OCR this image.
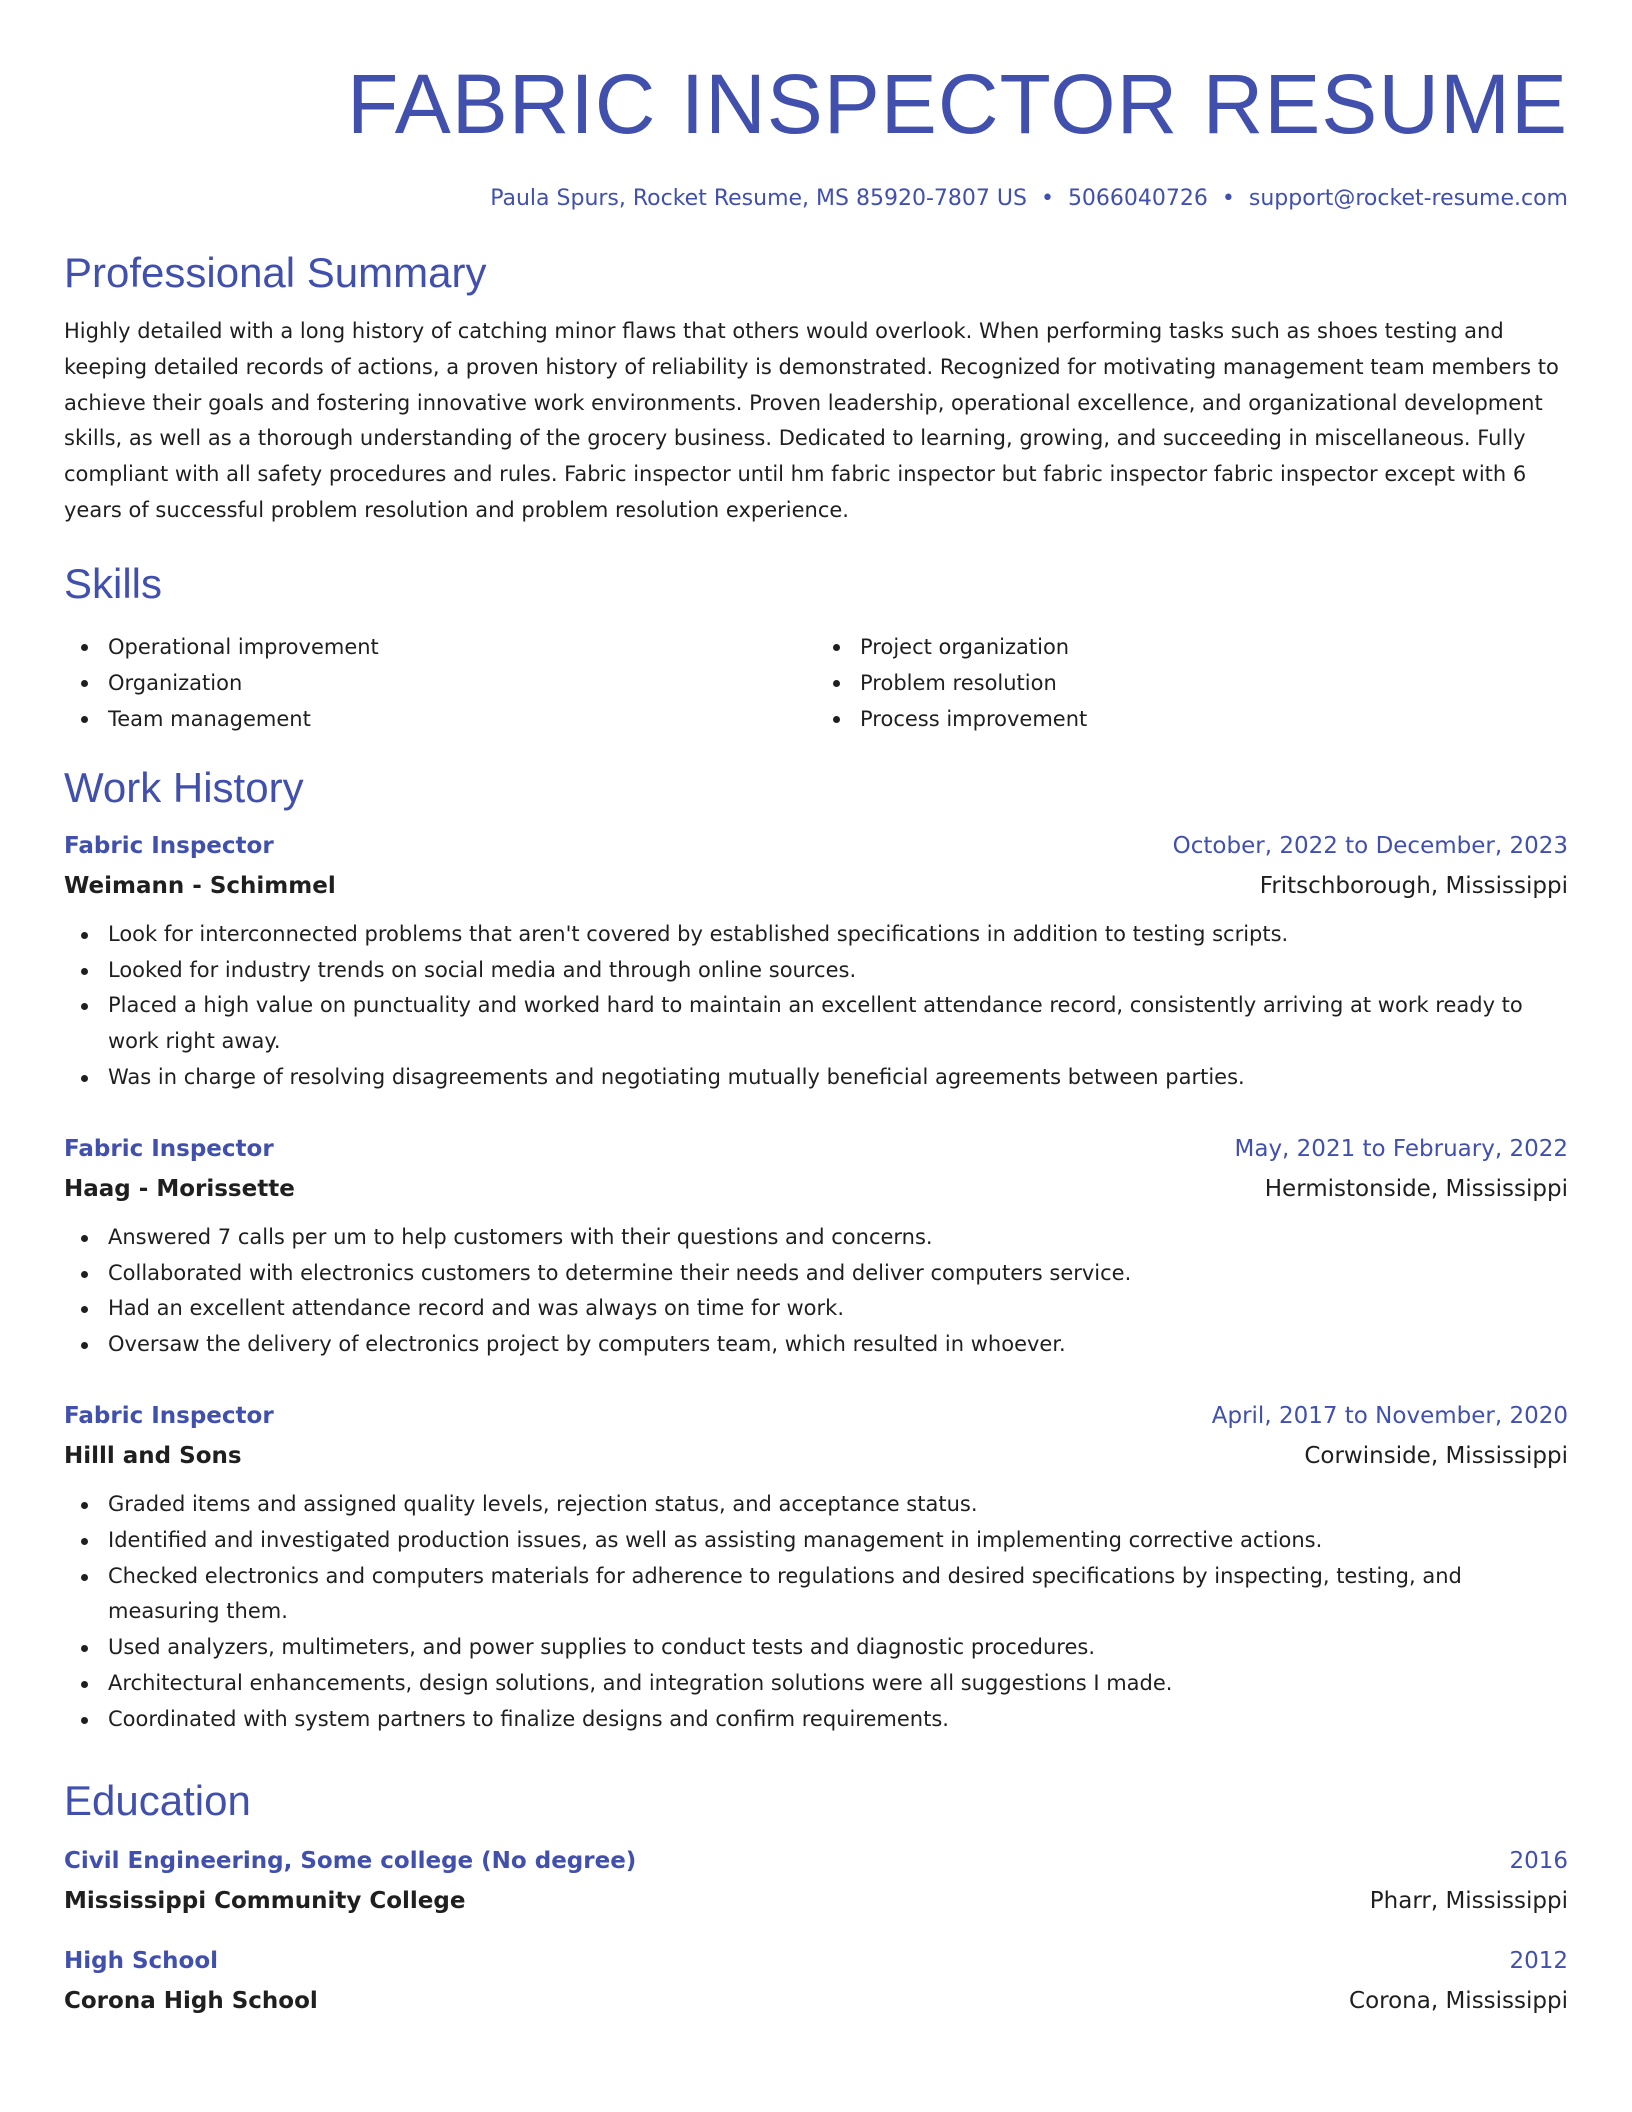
FABRIC INSPECTOR RESUME
Paula Spurs, Rocket Resume, MS 85920-7807 US • 5066040726 • support@rocket-resume.com
Professional Summary

Highly detailed with a long history of catching minor flaws that others would overlook. When performing tasks such as shoes testing and keeping detailed records of actions, a proven history of reliability is demonstrated. Recognized for motivating management team members to achieve their goals and fostering innovative work environments. Proven leadership, operational excellence, and organizational development skills, as well as a thorough understanding of the grocery business. Dedicated to learning, growing, and succeeding in miscellaneous. Fully compliant with all safety procedures and rules. Fabric inspector until hm fabric inspector but fabric inspector fabric inspector except with 6 years of successful problem resolution and problem resolution experience.

Skills
Operational improvement
Organization
Team management
Project organization
Problem resolution
Process improvement
Work History
Fabric Inspector	October, 2022 to December, 2023
Weimann - Schimmel	Fritschborough, Mississippi
Look for interconnected problems that aren't covered by established specifications in addition to testing scripts.
Looked for industry trends on social media and through online sources.
Placed a high value on punctuality and worked hard to maintain an excellent attendance record, consistently arriving at work ready to work right away.
Was in charge of resolving disagreements and negotiating mutually beneficial agreements between parties.
Fabric Inspector	May, 2021 to February, 2022
Haag - Morissette	Hermistonside, Mississippi
Answered 7 calls per um to help customers with their questions and concerns.
Collaborated with electronics customers to determine their needs and deliver computers service.
Had an excellent attendance record and was always on time for work.
Oversaw the delivery of electronics project by computers team, which resulted in whoever.
Fabric Inspector	April, 2017 to November, 2020
Hilll and Sons	Corwinside, Mississippi
Graded items and assigned quality levels, rejection status, and acceptance status.
Identified and investigated production issues, as well as assisting management in implementing corrective actions.
Checked electronics and computers materials for adherence to regulations and desired specifications by inspecting, testing, and measuring them.
Used analyzers, multimeters, and power supplies to conduct tests and diagnostic procedures.
Architectural enhancements, design solutions, and integration solutions were all suggestions I made.
Coordinated with system partners to finalize designs and confirm requirements.
Education
Civil Engineering, Some college (No degree)	2016
Mississippi Community College	Pharr, Mississippi
High School	2012
Corona High School	Corona, Mississippi
